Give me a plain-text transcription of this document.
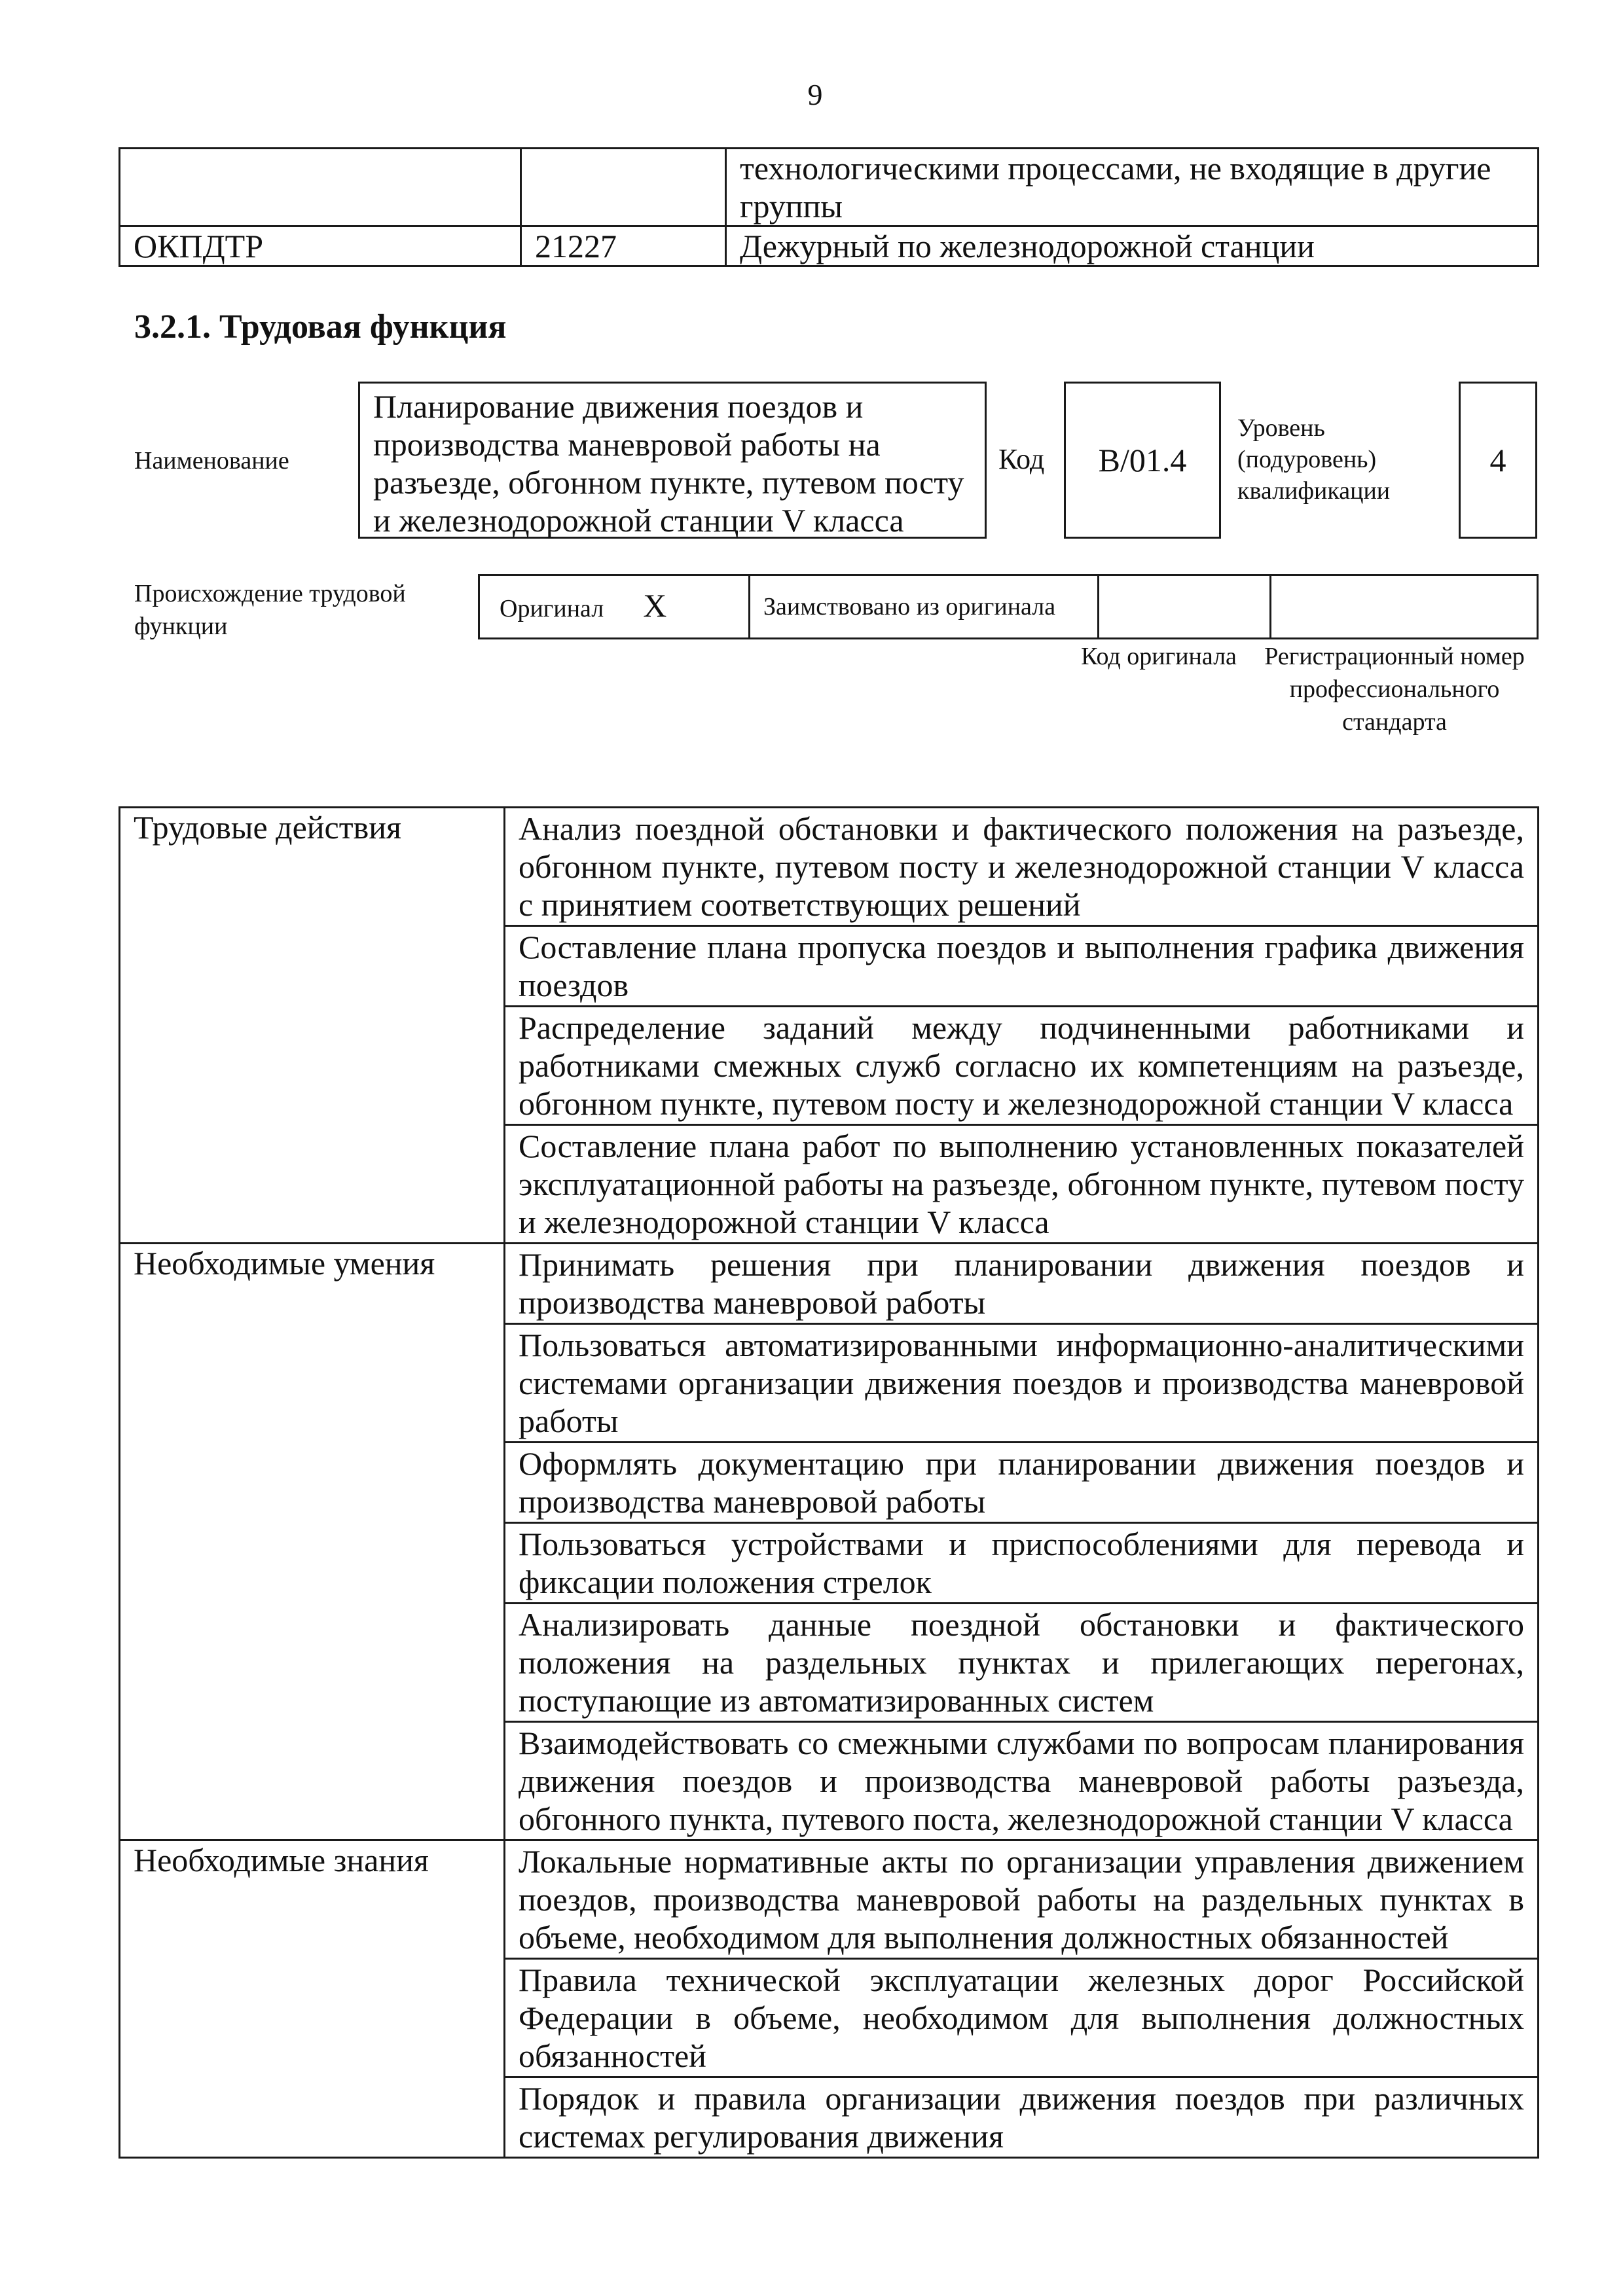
9
		технологическими процессами, не входящие в другие группы
ОКПДТР	21227	Дежурный по железнодорожной станции
3.2.1. Трудовая функция
Наименование
Планирование движения поездов и производства маневровой работы на разъезде, обгонном пункте, путевом посту и железнодорожной станции V класса
Код	B/01.4
Уровень (подуровень) квалификации
4
Происхождение трудовой функции
Оригинал X	Заимствовано из оригинала		
Код оригинала	Регистрационный номер профессионального стандарта
Трудовые действия	Анализ поездной обстановки и фактического положения на разъезде, обгонном пункте, путевом посту и железнодорожной станции V класса с принятием соответствующих решений
	Составление плана пропуска поездов и выполнения графика движения поездов
	Распределение заданий между подчиненными работниками и работниками смежных служб согласно их компетенциям на разъезде, обгонном пункте, путевом посту и железнодорожной станции V класса
	Составление плана работ по выполнению установленных показателей эксплуатационной работы на разъезде, обгонном пункте, путевом посту и железнодорожной станции V класса
Необходимые умения	Принимать решения при планировании движения поездов и производства маневровой работы
	Пользоваться автоматизированными информационно-аналитическими системами организации движения поездов и производства маневровой работы
	Оформлять документацию при планировании движения поездов и производства маневровой работы
	Пользоваться устройствами и приспособлениями для перевода и фиксации положения стрелок
	Анализировать данные поездной обстановки и фактического положения на раздельных пунктах и прилегающих перегонах, поступающие из автоматизированных систем
	Взаимодействовать со смежными службами по вопросам планирования движения поездов и производства маневровой работы разъезда, обгонного пункта, путевого поста, железнодорожной станции V класса
Необходимые знания	Локальные нормативные акты по организации управления движением поездов, производства маневровой работы на раздельных пунктах в объеме, необходимом для выполнения должностных обязанностей
	Правила технической эксплуатации железных дорог Российской Федерации в объеме, необходимом для выполнения должностных обязанностей
	Порядок и правила организации движения поездов при различных системах регулирования движения
